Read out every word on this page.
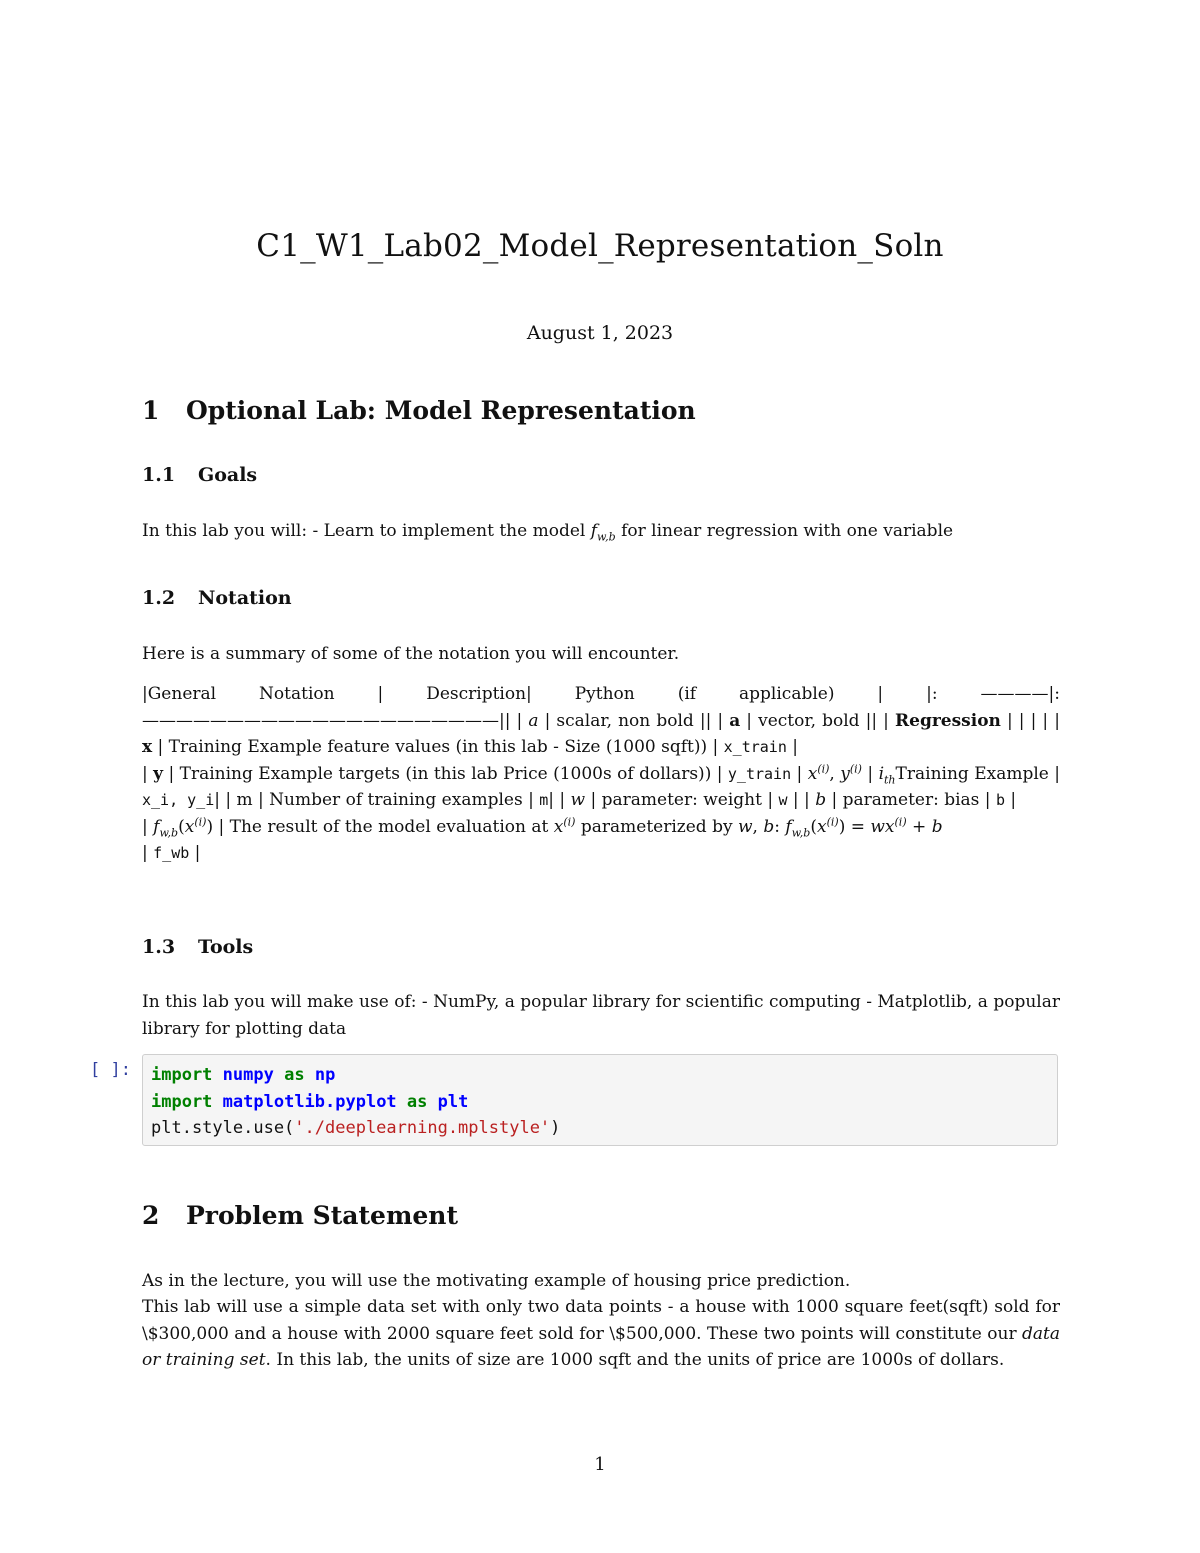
C1_W1_Lab02_Model_Representation_Soln
August 1, 2023
1 Optional Lab: Model Representation
1.1 Goals
In this lab you will: - Learn to implement the model $f_{w,b}$ for linear regression with one variable
1.2 Notation
Here is a summary of some of the notation you will encounter.
|General Notation | Description| Python (if applicable) | |: ————|: —————————————————————|| | a | scalar, non bold || | a | vector, bold || | Regression | | | | | x | Training Example feature values (in this lab - Size (1000 sqft)) | x_train |
| y | Training Example targets (in this lab Price (1000s of dollars)) | y_train | $x^{(i)}$, $y^{(i)}$ | $i_{th}Training$ Example | x_i, y_i| | m | Number of training examples | m| | w | parameter: weight | w | | b | parameter: bias | b |
| $f_{w,b}(x^{(i)})$ | The result of the model evaluation at $x^{(i)}$ parameterized by w, b: $f_{w,b}(x^{(i)}) = wx^{(i)} + b$
| f_wb |
1.3 Tools
In this lab you will make use of: - NumPy, a popular library for scientific computing - Matplotlib, a popular library for plotting data
[ ]: import numpy as np
import matplotlib.pyplot as plt
plt.style.use('./deeplearning.mplstyle')
2 Problem Statement
As in the lecture, you will use the motivating example of housing price prediction.
This lab will use a simple data set with only two data points - a house with 1000 square feet(sqft) sold for \$300,000 and a house with 2000 square feet sold for \$500,000. These two points will constitute our data or training set. In this lab, the units of size are 1000 sqft and the units of price are 1000s of dollars.
1
